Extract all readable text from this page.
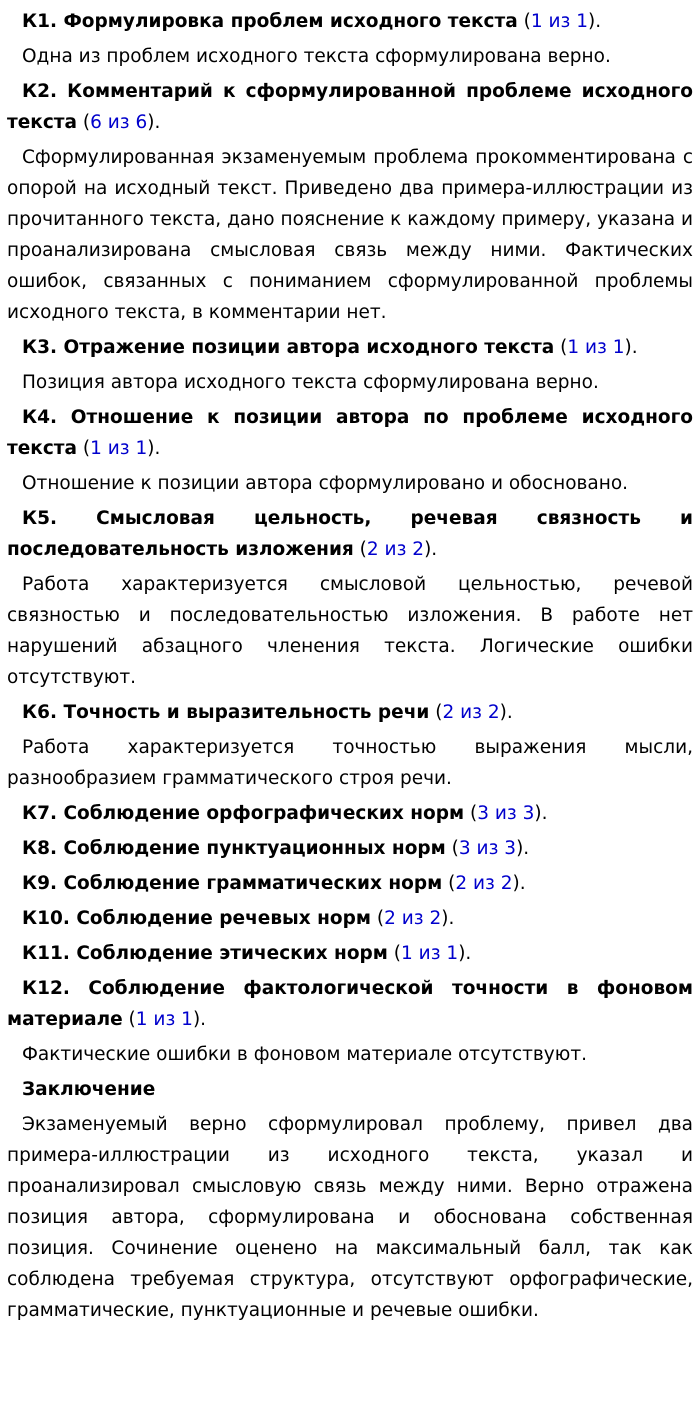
К1. Формулировка проблем исходного текста (1 из 1).

Одна из проблем исходного текста сформулирована верно.

К2. Комментарий к сформулированной проблеме исходного текста (6 из 6).

Сформулированная экзаменуемым проблема прокомментирована с опорой на исходный текст. Приведено два примера-иллюстрации из прочитанного текста, дано пояснение к каждому примеру, указана и проанализирована смысловая связь между ними. Фактических ошибок, связанных с пониманием сформулированной проблемы исходного текста, в комментарии нет.

К3. Отражение позиции автора исходного текста (1 из 1).

Позиция автора исходного текста сформулирована верно.

К4. Отношение к позиции автора по проблеме исходного текста (1 из 1).

Отношение к позиции автора сформулировано и обосновано.

К5. Смысловая цельность, речевая связность и последовательность изложения (2 из 2).

Работа характеризуется смысловой цельностью, речевой связностью и последовательностью изложения. В работе нет нарушений абзацного членения текста. Логические ошибки отсутствуют.

К6. Точность и выразительность речи (2 из 2).

Работа характеризуется точностью выражения мысли, разнообразием грамматического строя речи.

К7. Соблюдение орфографических норм (3 из 3).

К8. Соблюдение пунктуационных норм (3 из 3).

К9. Соблюдение грамматических норм (2 из 2).

К10. Соблюдение речевых норм (2 из 2).

К11. Соблюдение этических норм (1 из 1).

К12. Соблюдение фактологической точности в фоновом материале (1 из 1).

Фактические ошибки в фоновом материале отсутствуют.

Заключение

Экзаменуемый верно сформулировал проблему, привел два примера-иллюстрации из исходного текста, указал и проанализировал смысловую связь между ними. Верно отражена позиция автора, сформулирована и обоснована собственная позиция. Сочинение оценено на максимальный балл, так как соблюдена требуемая структура, отсутствуют орфографические, грамматические, пунктуационные и речевые ошибки.
